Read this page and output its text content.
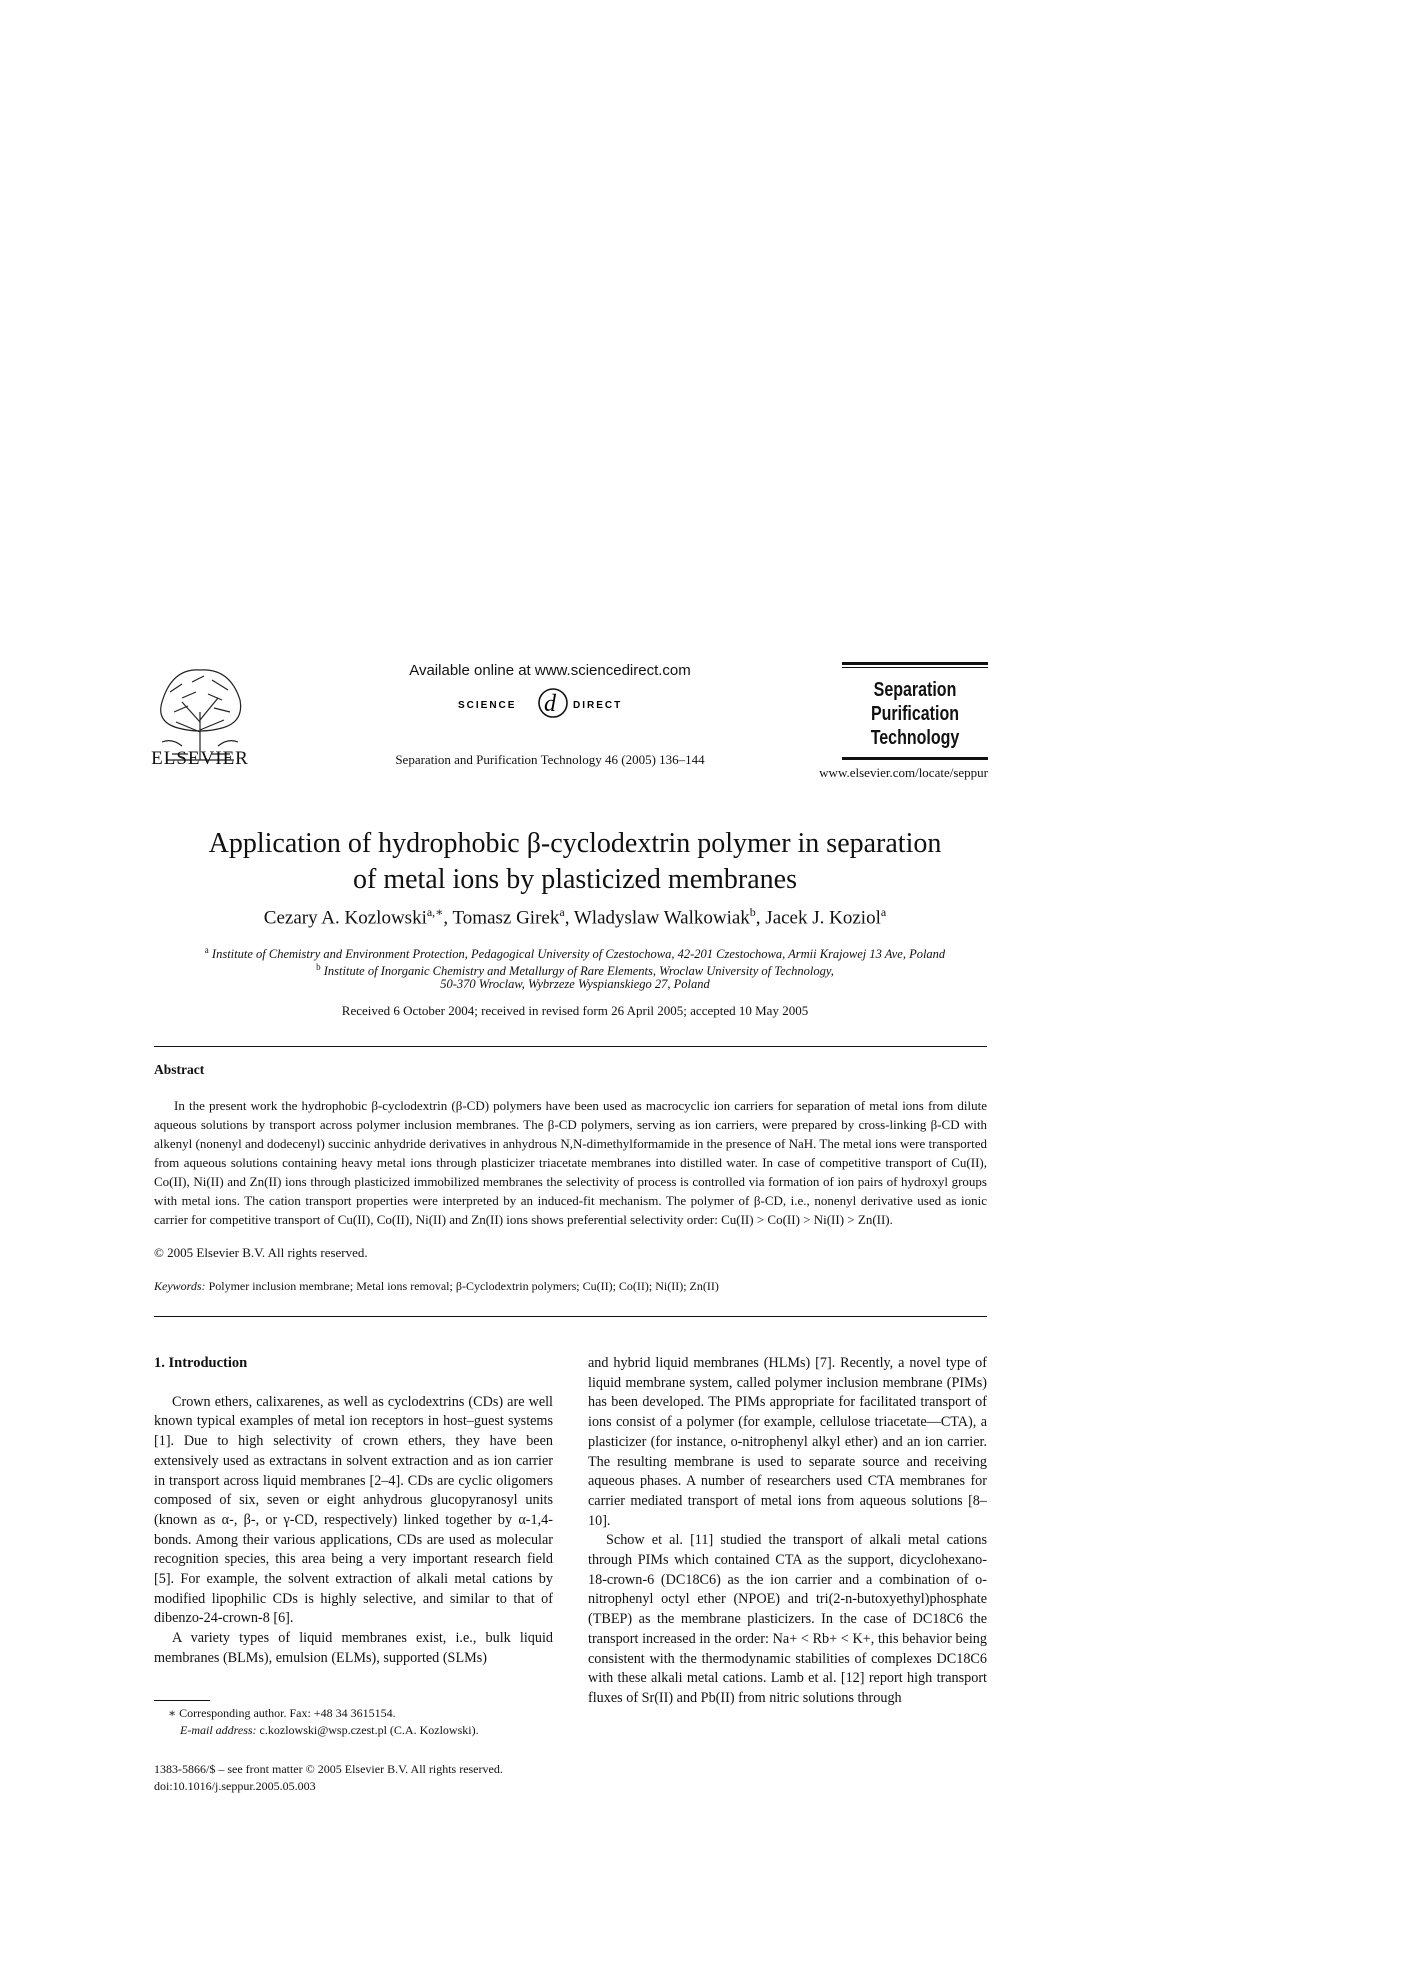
ELSEVIER
Available online at www.sciencedirect.com
SCIENCE d DIRECT
Separation and Purification Technology 46 (2005) 136–144
Separation
Purification
Technology
www.elsevier.com/locate/seppur
Application of hydrophobic β-cyclodextrin polymer in separation
of metal ions by plasticized membranes
Cezary A. Kozlowski$^{a,∗}$, Tomasz Girek$^a$, Wladyslaw Walkowiak$^b$, Jacek J. Koziol$^a$
$^a$ Institute of Chemistry and Environment Protection, Pedagogical University of Czestochowa, 42-201 Czestochowa, Armii Krajowej 13 Ave, Poland
$^b$ Institute of Inorganic Chemistry and Metallurgy of Rare Elements, Wroclaw University of Technology,
50-370 Wroclaw, Wybrzeze Wyspianskiego 27, Poland
Received 6 October 2004; received in revised form 26 April 2005; accepted 10 May 2005
Abstract
In the present work the hydrophobic β-cyclodextrin (β-CD) polymers have been used as macrocyclic ion carriers for separation of metal ions from dilute aqueous solutions by transport across polymer inclusion membranes. The β-CD polymers, serving as ion carriers, were prepared by cross-linking β-CD with alkenyl (nonenyl and dodecenyl) succinic anhydride derivatives in anhydrous N,N-dimethylformamide in the presence of NaH. The metal ions were transported from aqueous solutions containing heavy metal ions through plasticizer triacetate membranes into distilled water. In case of competitive transport of Cu(II), Co(II), Ni(II) and Zn(II) ions through plasticized immobilized membranes the selectivity of process is controlled via formation of ion pairs of hydroxyl groups with metal ions. The cation transport properties were interpreted by an induced-fit mechanism. The polymer of β-CD, i.e., nonenyl derivative used as ionic carrier for competitive transport of Cu(II), Co(II), Ni(II) and Zn(II) ions shows preferential selectivity order: Cu(II) > Co(II) > Ni(II) > Zn(II).
© 2005 Elsevier B.V. All rights reserved.
Keywords: Polymer inclusion membrane; Metal ions removal; β-Cyclodextrin polymers; Cu(II); Co(II); Ni(II); Zn(II)
1. Introduction

Crown ethers, calixarenes, as well as cyclodextrins (CDs) are well known typical examples of metal ion receptors in host–guest systems [1]. Due to high selectivity of crown ethers, they have been extensively used as extractans in solvent extraction and as ion carrier in transport across liquid membranes [2–4]. CDs are cyclic oligomers composed of six, seven or eight anhydrous glucopyranosyl units (known as α-, β-, or γ-CD, respectively) linked together by α-1,4-bonds. Among their various applications, CDs are used as molecular recognition species, this area being a very important research field [5]. For example, the solvent extraction of alkali metal cations by modified lipophilic CDs is highly selective, and similar to that of dibenzo-24-crown-8 [6].

A variety types of liquid membranes exist, i.e., bulk liquid membranes (BLMs), emulsion (ELMs), supported (SLMs)

and hybrid liquid membranes (HLMs) [7]. Recently, a novel type of liquid membrane system, called polymer inclusion membrane (PIMs) has been developed. The PIMs appropriate for facilitated transport of ions consist of a polymer (for example, cellulose triacetate—CTA), a plasticizer (for instance, o-nitrophenyl alkyl ether) and an ion carrier. The resulting membrane is used to separate source and receiving aqueous phases. A number of researchers used CTA membranes for carrier mediated transport of metal ions from aqueous solutions [8–10].

Schow et al. [11] studied the transport of alkali metal cations through PIMs which contained CTA as the support, dicyclohexano-18-crown-6 (DC18C6) as the ion carrier and a combination of o-nitrophenyl octyl ether (NPOE) and tri(2-n-butoxyethyl)phosphate (TBEP) as the membrane plasticizers. In the case of DC18C6 the transport increased in the order: Na+ < Rb+ < K+, this behavior being consistent with the thermodynamic stabilities of complexes DC18C6 with these alkali metal cations. Lamb et al. [12] report high transport fluxes of Sr(II) and Pb(II) from nitric solutions through

∗ Corresponding author. Fax: +48 34 3615154.
E-mail address: c.kozlowski@wsp.czest.pl (C.A. Kozlowski).
1383-5866/$ – see front matter © 2005 Elsevier B.V. All rights reserved.
doi:10.1016/j.seppur.2005.05.003
